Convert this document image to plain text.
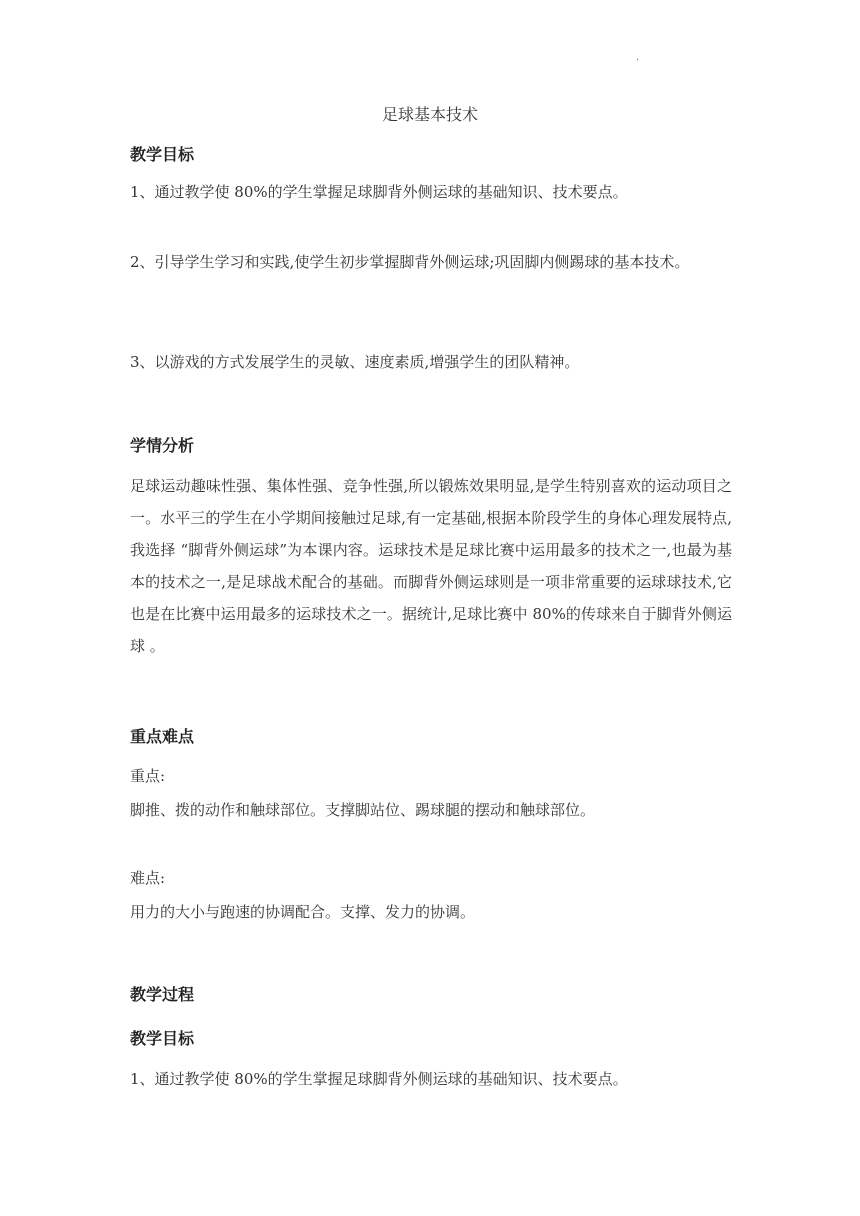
·
足球基本技术
教学目标
1、通过教学使 80%的学生掌握足球脚背外侧运球的基础知识、技术要点。
2、引导学生学习和实践,使学生初步掌握脚背外侧运球;巩固脚内侧踢球的基本技术。
3、以游戏的方式发展学生的灵敏、速度素质,增强学生的团队精神。
学情分析
足球运动趣味性强、集体性强、竞争性强,所以锻炼效果明显,是学生特别喜欢的运动项目之一。水平三的学生在小学期间接触过足球,有一定基础,根据本阶段学生的身体心理发展特点,我选择 “脚背外侧运球”为本课内容。运球技术是足球比赛中运用最多的技术之一,也最为基本的技术之一,是足球战术配合的基础。而脚背外侧运球则是一项非常重要的运球球技术,它也是在比赛中运用最多的运球技术之一。据统计,足球比赛中 80%的传球来自于脚背外侧运球 。
重点难点
重点:
脚推、拨的动作和触球部位。支撑脚站位、踢球腿的摆动和触球部位。
难点:
用力的大小与跑速的协调配合。支撑、发力的协调。
教学过程
教学目标
1、通过教学使 80%的学生掌握足球脚背外侧运球的基础知识、技术要点。
